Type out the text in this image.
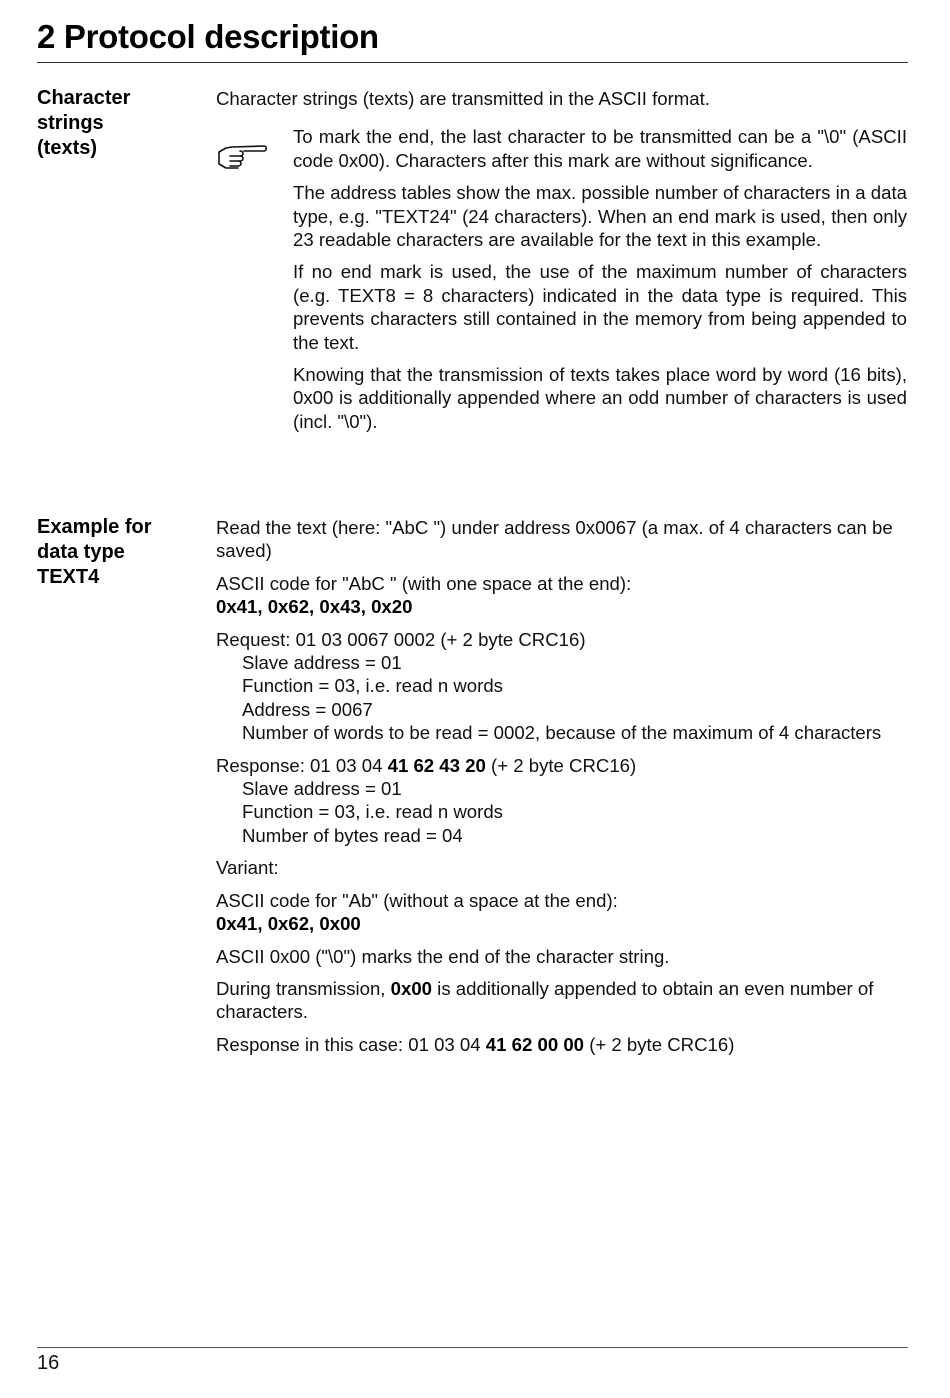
2 Protocol description
Character
strings
(texts)

Character strings (texts) are transmitted in the ASCII format.

To mark the end, the last character to be transmitted can be a "\0" (ASCII code 0x00). Characters after this mark are without significance.

The address tables show the max. possible number of characters in a data type, e.g. "TEXT24" (24 characters). When an end mark is used, then only 23 readable characters are available for the text in this example.

If no end mark is used, the use of the maximum number of characters (e.g. TEXT8 = 8 characters) indicated in the data type is required. This prevents characters still contained in the memory from being appended to the text.

Knowing that the transmission of texts takes place word by word (16 bits), 0x00 is additionally appended where an odd number of characters is used (incl. "\0").

Example for
data type
TEXT4

Read the text (here: "AbC ") under address 0x0067 (a max. of 4 characters can be saved)

ASCII code for "AbC " (with one space at the end):
0x41, 0x62, 0x43, 0x20

Request: 01 03 0067 0002 (+ 2 byte CRC16)

Slave address = 01
Function = 03, i.e. read n words
Address = 0067
Number of words to be read = 0002, because of the maximum of 4 characters

Response: 01 03 04 41 62 43 20 (+ 2 byte CRC16)

Slave address = 01
Function = 03, i.e. read n words
Number of bytes read = 04

Variant:

ASCII code for "Ab" (without a space at the end):
0x41, 0x62, 0x00

ASCII 0x00 ("\0") marks the end of the character string.

During transmission, 0x00 is additionally appended to obtain an even number of characters.

Response in this case: 01 03 04 41 62 00 00 (+ 2 byte CRC16)

16
